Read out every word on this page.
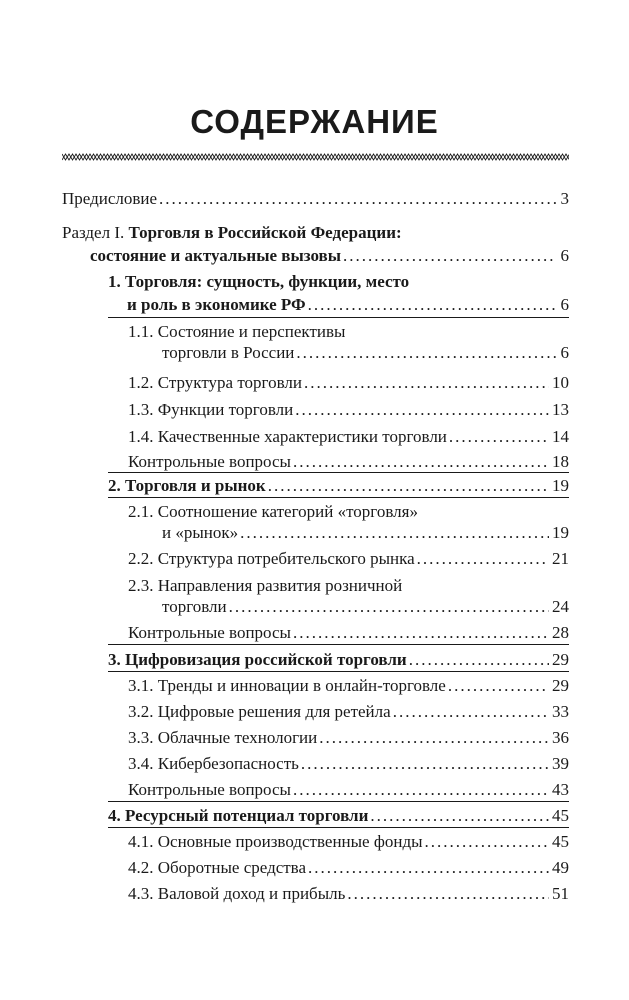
СОДЕРЖАНИЕ
Предисловие .....	3
Раздел I. Торговля в Российской Федерации:
состояние и актуальные вызовы .....	6
1. Торговля: сущность, функции, место
и роль в экономике РФ .....	6
1.1. Состояние и перспективы
торговли в России .....	6
1.2. Структура торговли .....	10
1.3. Функции торговли .....	13
1.4. Качественные характеристики торговли .....	14
Контрольные вопросы .....	18
2. Торговля и рынок .....	19
2.1. Соотношение категорий «торговля»
и «рынок» .....	19
2.2. Структура потребительского рынка .....	21
2.3. Направления развития розничной
торговли .....	24
Контрольные вопросы .....	28
3. Цифровизация российской торговли .....	29
3.1. Тренды и инновации в онлайн-торговле .....	29
3.2. Цифровые решения для ретейла .....	33
3.3. Облачные технологии .....	36
3.4. Кибербезопасность .....	39
Контрольные вопросы .....	43
4. Ресурсный потенциал торговли .....	45
4.1. Основные производственные фонды .....	45
4.2. Оборотные средства .....	49
4.3. Валовой доход и прибыль .....	51
